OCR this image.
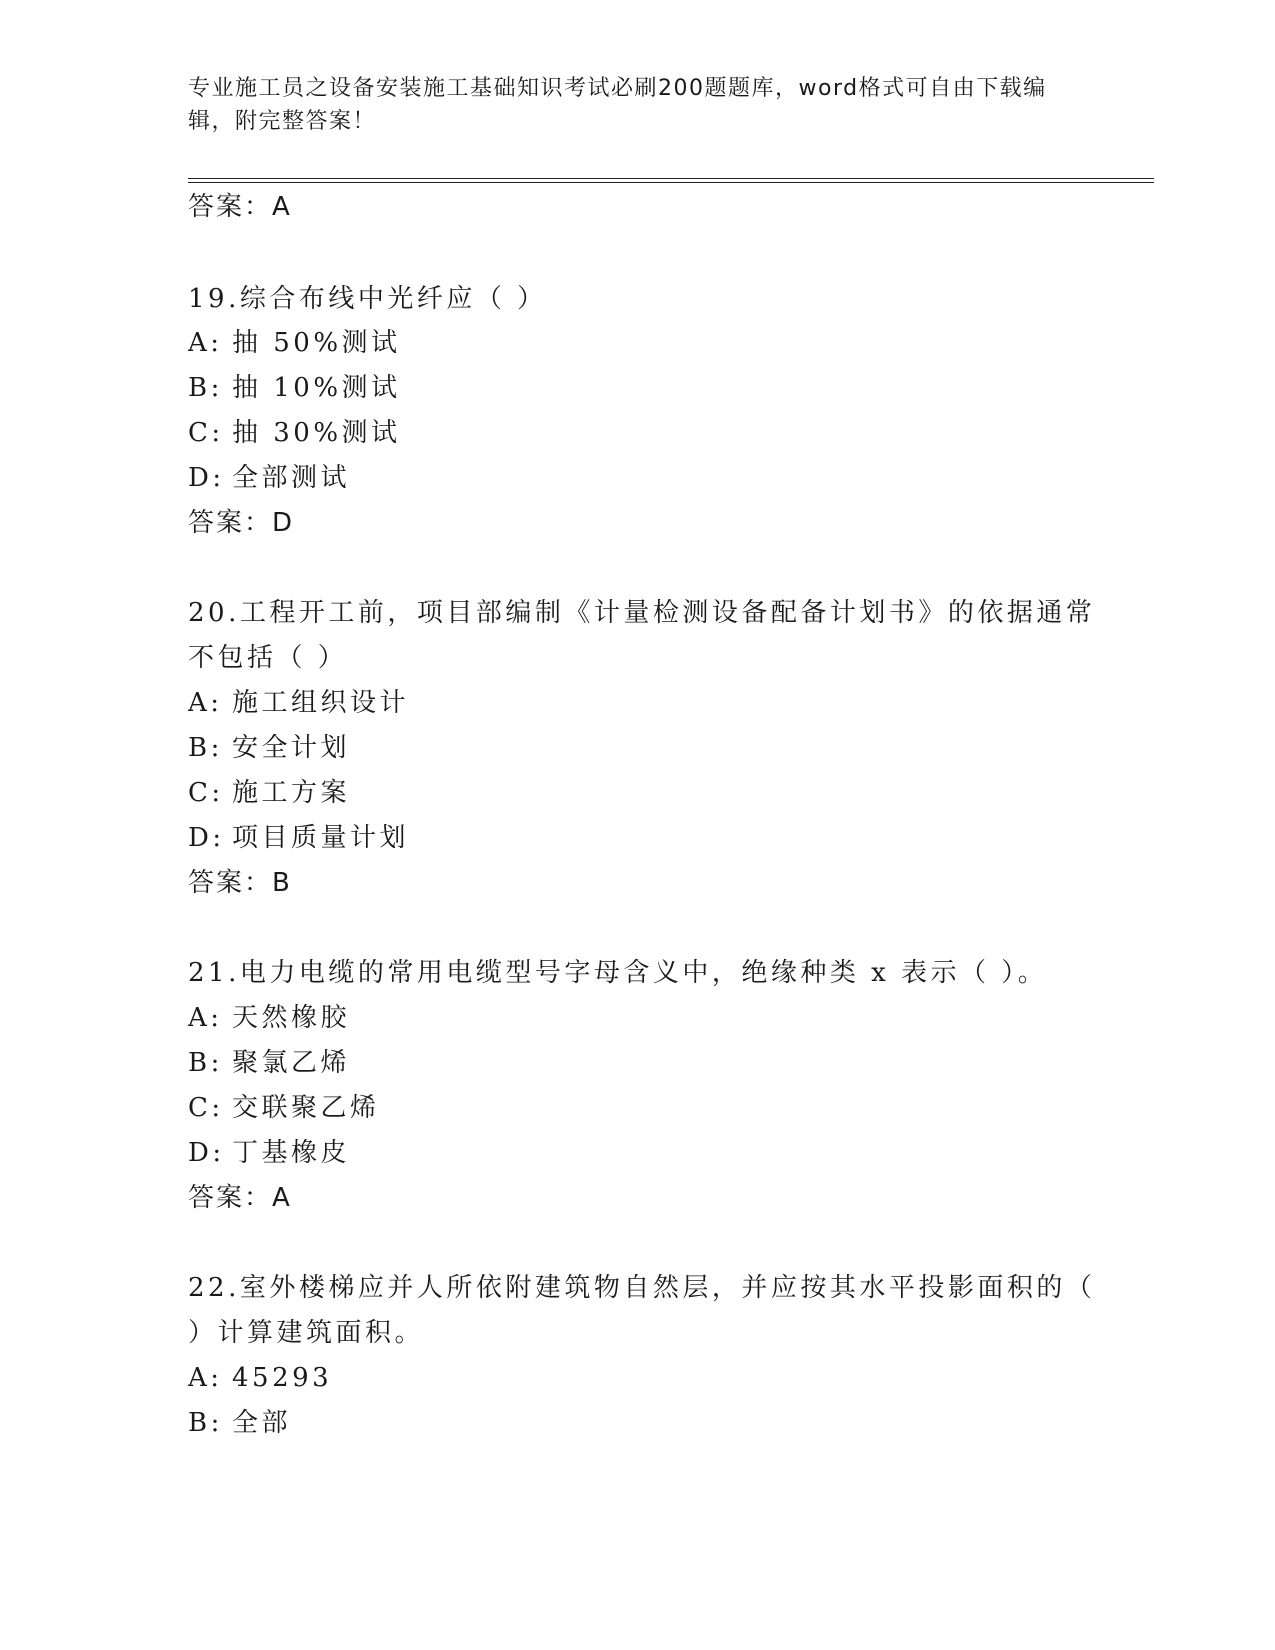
专业施工员之设备安装施工基础知识考试必刷200题题库，word格式可自由下载编辑，附完整答案！
答案：A
19.综合布线中光纤应（ ）
A: 抽 50%测试
B: 抽 10%测试
C: 抽 30%测试
D: 全部测试
答案：D
20.工程开工前，项目部编制《计量检测设备配备计划书》的依据通常
不包括（ ）
A: 施工组织设计
B: 安全计划
C: 施工方案
D: 项目质量计划
答案：B
21.电力电缆的常用电缆型号字母含义中，绝缘种类 x 表示（ ）。
A: 天然橡胶
B: 聚氯乙烯
C: 交联聚乙烯
D: 丁基橡皮
答案：A
22.室外楼梯应并人所依附建筑物自然层，并应按其水平投影面积的（
）计算建筑面积。
A: 45293
B: 全部
